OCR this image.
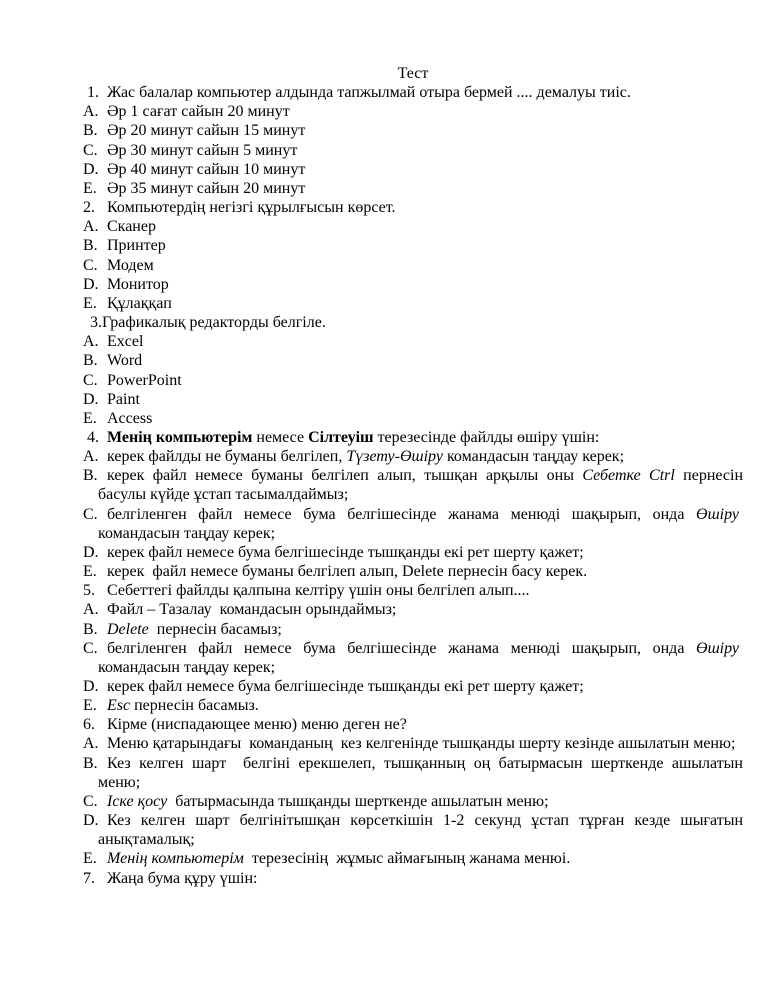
Тест
1. Жас балалар компьютер алдында тапжылмай отыра бермей .... демалуы тиіс.
A. Әр 1 сағат сайын 20 минут
B. Әр 20 минут сайын 15 минут
C. Әр 30 минут сайын 5 минут
D. Әр 40 минут сайын 10 минут
E. Әр 35 минут сайын 20 минут
2. Компьютердің негізгі құрылғысын көрсет.
A. Сканер
B. Принтер
C. Модем
D. Монитор
E. Құлаққап
3.Графикалық редакторды белгіле.
A. Excel
B. Word
C. PowerPoint
D. Paint
E. Access
4. Менің компьютерім немесе Сілтеуіш терезесінде файлды өшіру үшін:
A. керек файлды не буманы белгілеп, Түзету-Өшіру командасын таңдау керек;
B. керек файл немесе буманы белгілеп алып, тышқан арқылы оны Себетке Ctrl пернесін басулы күйде ұстап тасымалдаймыз;
C. белгіленген файл немесе бума белгішесінде жанама менюді шақырып, онда Өшіру  командасын таңдау керек;
D. керек файл немесе бума белгішесінде тышқанды екі рет шерту қажет;
E. керек  файл немесе буманы белгілеп алып, Delete пернесін басу керек.
5. Себеттегі файлды қалпына келтіру үшін оны белгілеп алып....
A. Файл – Тазалау  командасын орындаймыз;
B. Delete  пернесін басамыз;
C. белгіленген файл немесе бума белгішесінде жанама менюді шақырып, онда Өшіру  командасын таңдау керек;
D. керек файл немесе бума белгішесінде тышқанды екі рет шерту қажет;
E. Esc пернесін басамыз.
6. Кірме (ниспадающее меню) меню деген не?
A. Меню қатарындағы  команданың  кез келгенінде тышқанды шерту кезінде ашылатын меню;
B. Кез келген шарт  белгіні ерекшелеп, тышқанның оң батырмасын шерткенде ашылатын меню;
C. Іске қосу  батырмасында тышқанды шерткенде ашылатын меню;
D. Кез келген шарт белгінітышқан көрсеткішін 1-2 секунд ұстап тұрған кезде шығатын анықтамалық;
E. Менің компьютерім  терезесінің  жұмыс аймағының жанама менюі.
7. Жаңа бума құру үшін:
